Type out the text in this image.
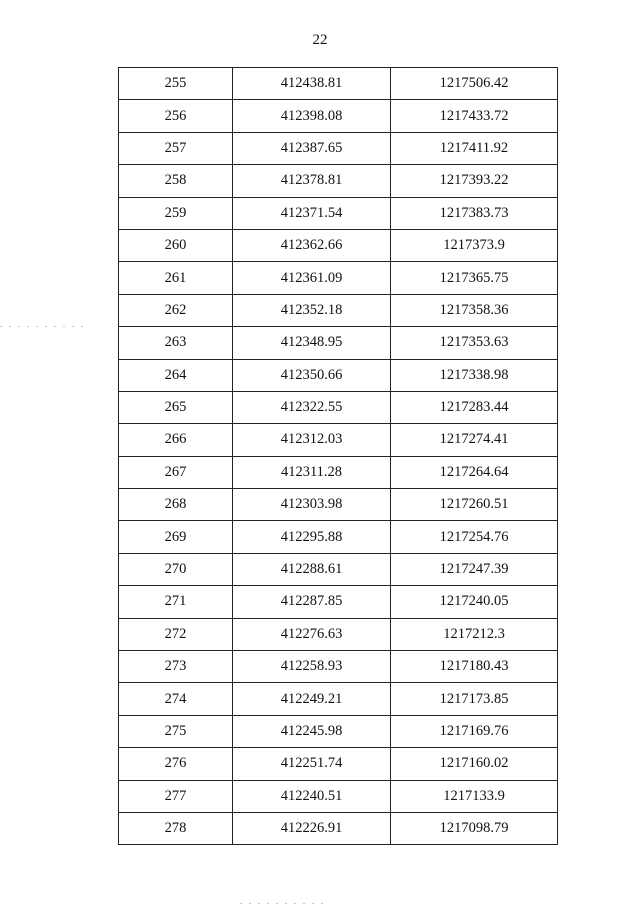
22
255	412438.81	1217506.42
256	412398.08	1217433.72
257	412387.65	1217411.92
258	412378.81	1217393.22
259	412371.54	1217383.73
260	412362.66	1217373.9
261	412361.09	1217365.75
262	412352.18	1217358.36
263	412348.95	1217353.63
264	412350.66	1217338.98
265	412322.55	1217283.44
266	412312.03	1217274.41
267	412311.28	1217264.64
268	412303.98	1217260.51
269	412295.88	1217254.76
270	412288.61	1217247.39
271	412287.85	1217240.05
272	412276.63	1217212.3
273	412258.93	1217180.43
274	412249.21	1217173.85
275	412245.98	1217169.76
276	412251.74	1217160.02
277	412240.51	1217133.9
278	412226.91	1217098.79
